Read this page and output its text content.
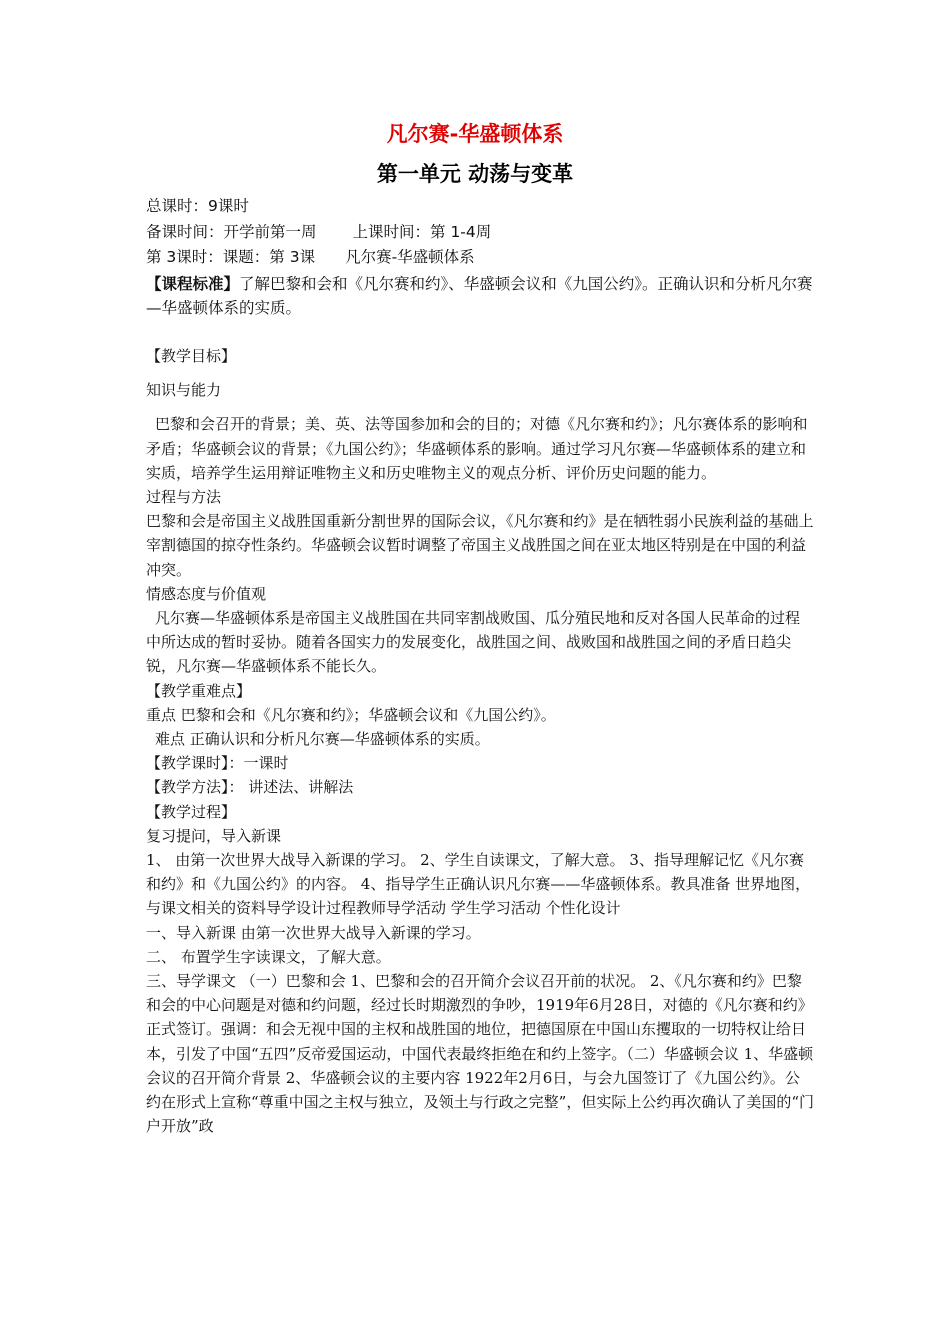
凡尔赛-华盛顿体系
第一单元 动荡与变革
总课时：9课时
备课时间：开学前第一周 上课时间：第 1-4周
第 3课时：课题：第 3课 凡尔赛-华盛顿体系
【课程标准】了解巴黎和会和《凡尔赛和约》、华盛顿会议和《九国公约》。正确认识和分析凡尔赛—华盛顿体系的实质。

【教学目标】

知识与能力

巴黎和会召开的背景；美、英、法等国参加和会的目的；对德《凡尔赛和约》；凡尔赛体系的影响和矛盾；华盛顿会议的背景；《九国公约》；华盛顿体系的影响。通过学习凡尔赛—华盛顿体系的建立和实质，培养学生运用辩证唯物主义和历史唯物主义的观点分析、评价历史问题的能力。

过程与方法

巴黎和会是帝国主义战胜国重新分割世界的国际会议，《凡尔赛和约》是在牺牲弱小民族利益的基础上宰割德国的掠夺性条约。华盛顿会议暂时调整了帝国主义战胜国之间在亚太地区特别是在中国的利益冲突。

情感态度与价值观

凡尔赛—华盛顿体系是帝国主义战胜国在共同宰割战败国、瓜分殖民地和反对各国人民革命的过程中所达成的暂时妥协。随着各国实力的发展变化，战胜国之间、战败国和战胜国之间的矛盾日趋尖锐，凡尔赛—华盛顿体系不能长久。

【教学重难点】

重点 巴黎和会和《凡尔赛和约》；华盛顿会议和《九国公约》。

难点 正确认识和分析凡尔赛—华盛顿体系的实质。

【教学课时】：一课时

【教学方法】： 讲述法、讲解法

【教学过程】

复习提问，导入新课

1、 由第一次世界大战导入新课的学习。 2、学生自读课文，了解大意。 3、指导理解记忆《凡尔赛和约》和《九国公约》的内容。 4、指导学生正确认识凡尔赛——华盛顿体系。教具准备 世界地图，与课文相关的资料导学设计过程教师导学活动 学生学习活动 个性化设计

一、导入新课 由第一次世界大战导入新课的学习。

二、 布置学生字读课文，了解大意。

三、导学课文 （一）巴黎和会 1、巴黎和会的召开简介会议召开前的状况。 2、《凡尔赛和约》巴黎和会的中心问题是对德和约问题，经过长时期激烈的争吵，1919年6月28日，对德的《凡尔赛和约》正式签订。强调：和会无视中国的主权和战胜国的地位，把德国原在中国山东攫取的一切特权让给日本，引发了中国“五四”反帝爱国运动，中国代表最终拒绝在和约上签字。（二）华盛顿会议 1、华盛顿会议的召开简介背景 2、华盛顿会议的主要内容 1922年2月6日，与会九国签订了《九国公约》。公约在形式上宣称“尊重中国之主权与独立，及领土与行政之完整”，但实际上公约再次确认了美国的“门户开放”政
